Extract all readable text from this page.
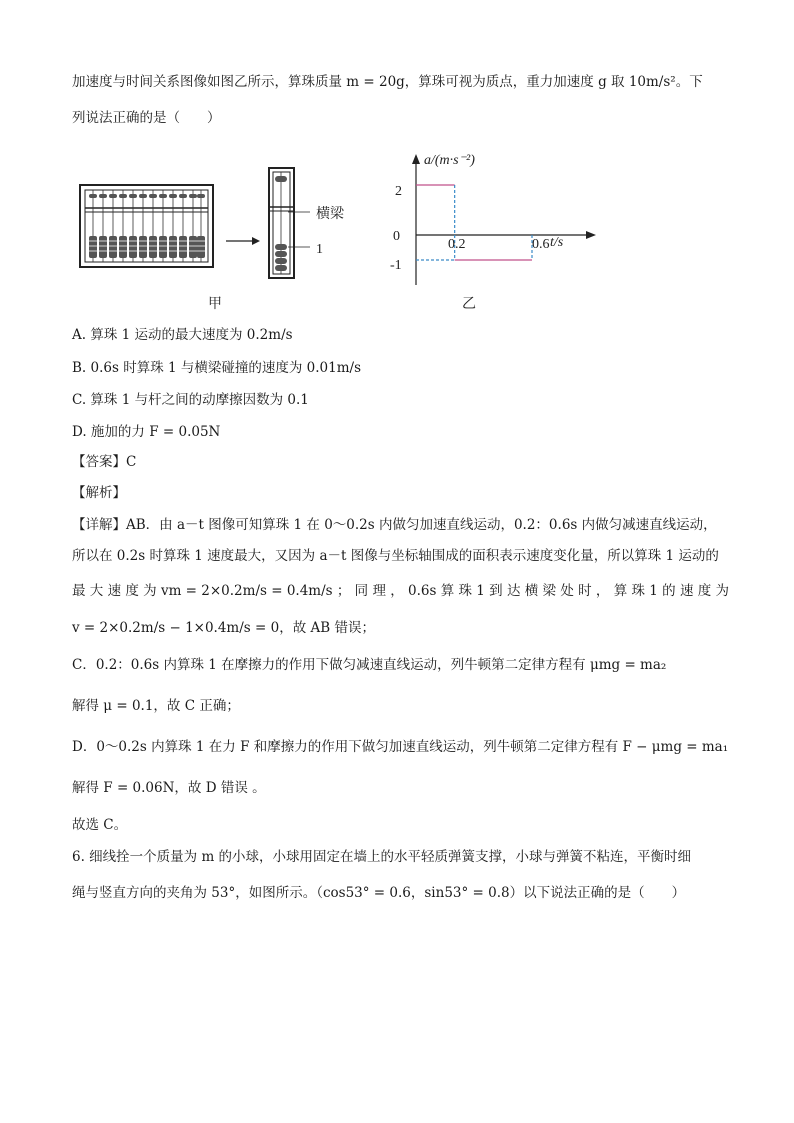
加速度与时间关系图像如图乙所示，算珠质量 m = 20g，算珠可视为质点，重力加速度 g 取 10m/s²。下
列说法正确的是（　　）
横梁
1
甲
a/(m·s⁻²)
t/s
2
0
-1
0.2	0.6
乙
A. 算珠 1 运动的最大速度为 0.2m/s
B. 0.6s 时算珠 1 与横梁碰撞的速度为 0.01m/s
C. 算珠 1 与杆之间的动摩擦因数为 0.1
D. 施加的力 F = 0.05N
【答案】C
【解析】
【详解】AB．由 a－t 图像可知算珠 1 在 0～0.2s 内做匀加速直线运动，0.2：0.6s 内做匀减速直线运动，
所以在 0.2s 时算珠 1 速度最大，又因为 a－t 图像与坐标轴围成的面积表示速度变化量，所以算珠 1 运动的
最 大 速 度 为 vm = 2×0.2m/s = 0.4m/s ； 同 理 ， 0.6s 算 珠 1 到 达 横 梁 处 时 ， 算 珠 1 的 速 度 为
v = 2×0.2m/s − 1×0.4m/s = 0，故 AB 错误；
C．0.2：0.6s 内算珠 1 在摩擦力的作用下做匀减速直线运动，列牛顿第二定律方程有 μmg = ma₂
解得 μ = 0.1，故 C 正确；
D．0～0.2s 内算珠 1 在力 F 和摩擦力的作用下做匀加速直线运动，列牛顿第二定律方程有 F − μmg = ma₁
解得 F = 0.06N，故 D 错误 。
故选 C。
6. 细线拴一个质量为 m 的小球，小球用固定在墙上的水平轻质弹簧支撑，小球与弹簧不粘连，平衡时细
绳与竖直方向的夹角为 53°，如图所示。（cos53° = 0.6，sin53° = 0.8）以下说法正确的是（　　）
